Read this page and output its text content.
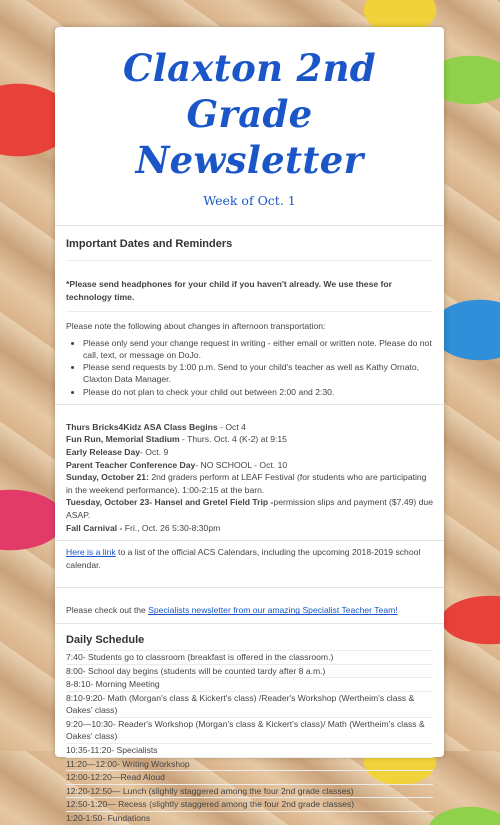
Claxton 2nd Grade
Newsletter
Week of Oct. 1
Important Dates and Reminders
*Please send headphones for your child if you haven't already. We use these for technology time.
Please note the following about changes in afternoon transportation:
• Please only send your change request in writing - either email or written note. Please do not call, text, or message on DoJo.
• Please send requests by 1:00 p.m. Send to your child's teacher as well as Kathy Ornato, Claxton Data Manager.
• Please do not plan to check your child out between 2:00 and 2:30.
Thurs Bricks4Kidz ASA Class Begins - Oct 4
Fun Run, Memorial Stadium - Thurs. Oct. 4 (K-2) at 9:15
Early Release Day- Oct. 9
Parent Teacher Conference Day- NO SCHOOL - Oct. 10
Sunday, October 21: 2nd graders perform at LEAF Festival (for students who are participating in the weekend performance). 1:00-2:15 at the barn.
Tuesday, October 23- Hansel and Gretel Field Trip -permission slips and payment ($7.49) due ASAP.
Fall Carnival - Fri., Oct. 26 5:30-8:30pm
Here is a link to a list of the official ACS Calendars, including the upcoming 2018-2019 school calendar.
Please check out the Specialists newsletter from our amazing Specialist Teacher Team!
Daily Schedule
7:40- Students go to classroom (breakfast is offered in the classroom.)
8:00- School day begins (students will be counted tardy after 8 a.m.)
8-8:10- Morning Meeting
8:10-9:20- Math (Morgan's class & Kickert's class) /Reader's Workshop (Wertheim's class & Oakes' class)
9:20—10:30- Reader's Workshop (Morgan's class & Kickert's class)/ Math (Wertheim's class & Oakes' class)
10:35-11:20- Specialists
11:20—12:00- Writing Workshop
12:00-12:20—Read Aloud
12:20-12:50— Lunch (slightly staggered among the four 2nd grade classes)
12:50-1:20— Recess (slightly staggered among the four 2nd grade classes)
1:20-1:50- Fundations
